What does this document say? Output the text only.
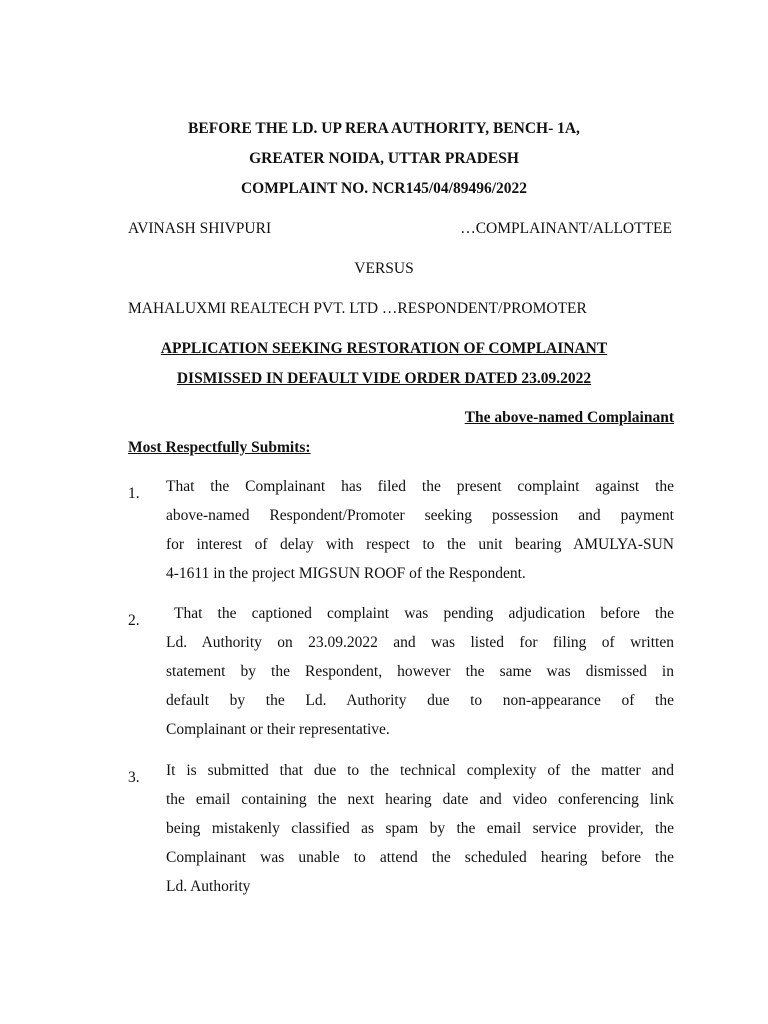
BEFORE THE LD. UP RERA AUTHORITY, BENCH- 1A,
GREATER NOIDA, UTTAR PRADESH
COMPLAINT NO. NCR145/04/89496/2022
AVINASH SHIVPURI	…COMPLAINANT/ALLOTTEE
VERSUS
MAHALUXMI REALTECH PVT. LTD …RESPONDENT/PROMOTER
APPLICATION SEEKING RESTORATION OF COMPLAINANT
DISMISSED IN DEFAULT VIDE ORDER DATED 23.09.2022
The above-named Complainant
Most Respectfully Submits:
1. That the Complainant has filed the present complaint against the
above-named Respondent/Promoter seeking possession and payment
for interest of delay with respect to the unit bearing AMULYA-SUN
4-1611 in the project MIGSUN ROOF of the Respondent.
2.	That the captioned complaint was pending adjudication before the
Ld. Authority on 23.09.2022 and was listed for filing of written
statement by the Respondent, however the same was dismissed in
default by the Ld. Authority due to non-appearance of the
Complainant or their representative.
3. It is submitted that due to the technical complexity of the matter and
the email containing the next hearing date and video conferencing link
being mistakenly classified as spam by the email service provider, the
Complainant was unable to attend the scheduled hearing before the
Ld. Authority
